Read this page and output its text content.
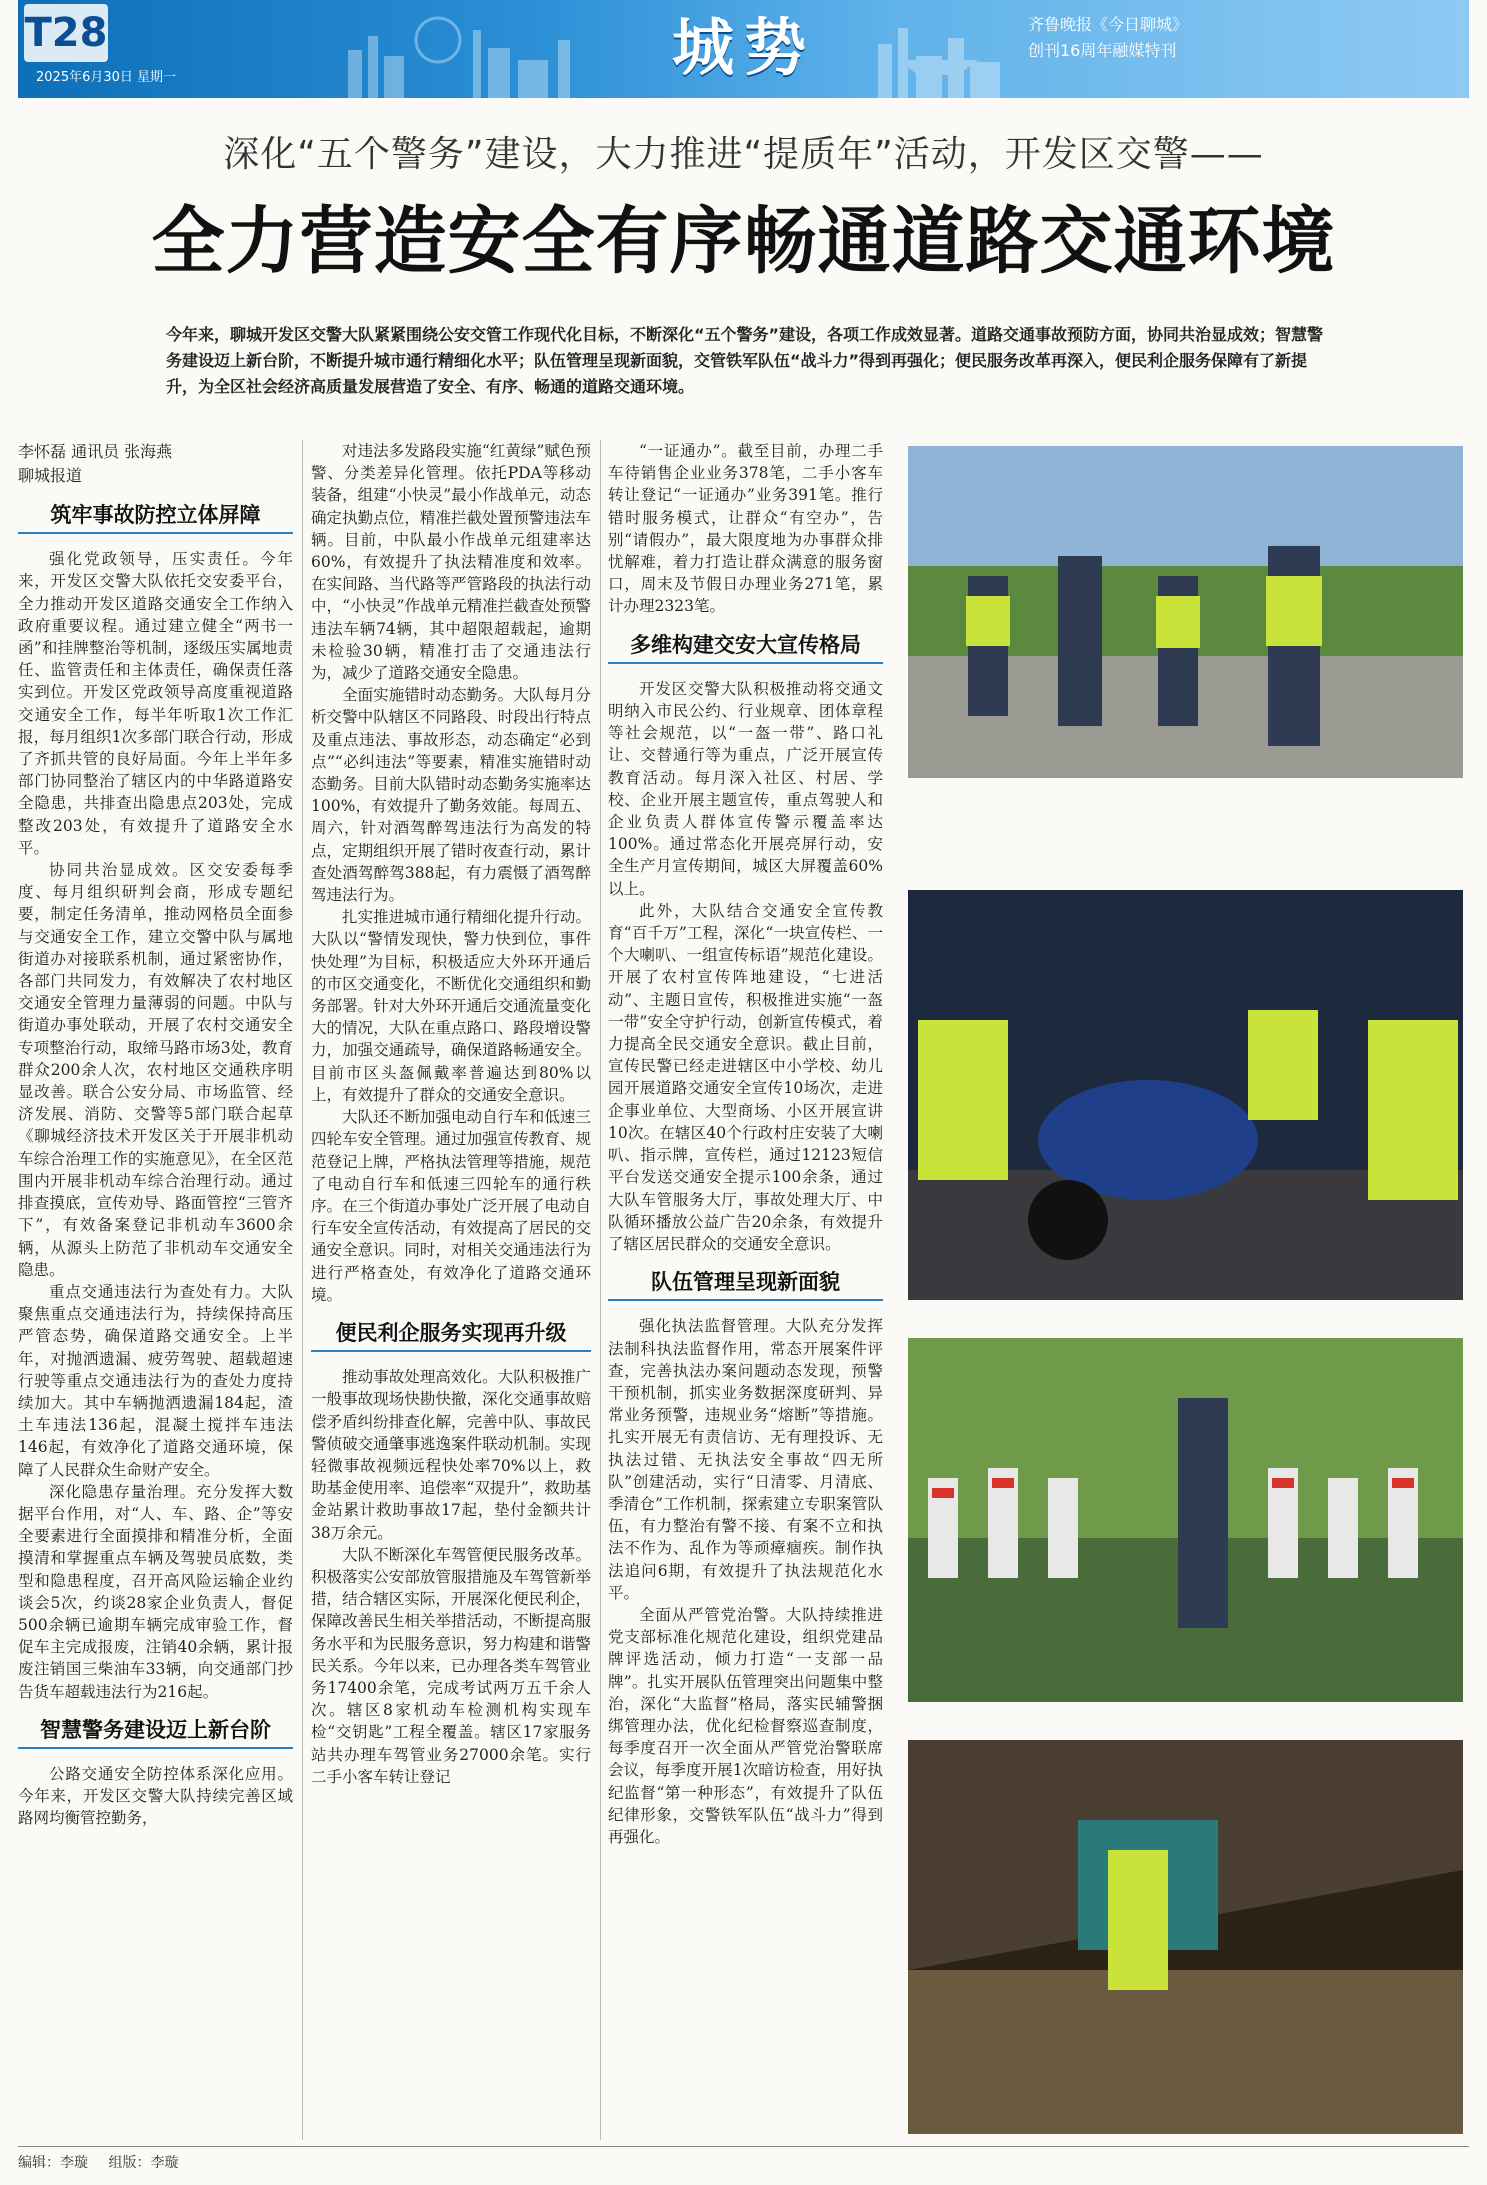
T28
2025年6月30日 星期一	城势	齐鲁晚报《今日聊城》
创刊16周年融媒特刊
深化“五个警务”建设，大力推进“提质年”活动，开发区交警——
全力营造安全有序畅通道路交通环境
今年来，聊城开发区交警大队紧紧围绕公安交管工作现代化目标，不断深化“五个警务”建设，各项工作成效显著。道路交通事故预防方面，协同共治显成效；智慧警务建设迈上新台阶，不断提升城市通行精细化水平；队伍管理呈现新面貌，交管铁军队伍“战斗力”得到再强化；便民服务改革再深入，便民利企服务保障有了新提升，为全区社会经济高质量发展营造了安全、有序、畅通的道路交通环境。

李怀磊 通讯员 张海燕

聊城报道

筑牢事故防控立体屏障

强化党政领导，压实责任。今年来，开发区交警大队依托交安委平台，全力推动开发区道路交通安全工作纳入政府重要议程。通过建立健全“两书一函”和挂牌整治等机制，逐级压实属地责任、监管责任和主体责任，确保责任落实到位。开发区党政领导高度重视道路交通安全工作，每半年听取1次工作汇报，每月组织1次多部门联合行动，形成了齐抓共管的良好局面。今年上半年多部门协同整治了辖区内的中华路道路安全隐患，共排查出隐患点203处，完成整改203处，有效提升了道路安全水平。

协同共治显成效。区交安委每季度、每月组织研判会商，形成专题纪要，制定任务清单，推动网格员全面参与交通安全工作，建立交警中队与属地街道办对接联系机制，通过紧密协作，各部门共同发力，有效解决了农村地区交通安全管理力量薄弱的问题。中队与街道办事处联动，开展了农村交通安全专项整治行动，取缔马路市场3处，教育群众200余人次，农村地区交通秩序明显改善。联合公安分局、市场监管、经济发展、消防、交警等5部门联合起草《聊城经济技术开发区关于开展非机动车综合治理工作的实施意见》，在全区范围内开展非机动车综合治理行动。通过排查摸底，宣传劝导、路面管控“三管齐下”，有效备案登记非机动车3600余辆，从源头上防范了非机动车交通安全隐患。

重点交通违法行为查处有力。大队聚焦重点交通违法行为，持续保持高压严管态势，确保道路交通安全。上半年，对抛洒遗漏、疲劳驾驶、超载超速行驶等重点交通违法行为的查处力度持续加大。其中车辆抛洒遗漏184起，渣土车违法136起，混凝土搅拌车违法146起，有效净化了道路交通环境，保障了人民群众生命财产安全。

深化隐患存量治理。充分发挥大数据平台作用，对“人、车、路、企”等安全要素进行全面摸排和精准分析，全面摸清和掌握重点车辆及驾驶员底数，类型和隐患程度，召开高风险运输企业约谈会5次，约谈28家企业负责人，督促500余辆已逾期车辆完成审验工作，督促车主完成报废，注销40余辆，累计报废注销国三柴油车33辆，向交通部门抄告货车超载违法行为216起。

智慧警务建设迈上新台阶

公路交通安全防控体系深化应用。今年来，开发区交警大队持续完善区域路网均衡管控勤务，

对违法多发路段实施“红黄绿”赋色预警、分类差异化管理。依托PDA等移动装备，组建“小快灵”最小作战单元，动态确定执勤点位，精准拦截处置预警违法车辆。目前，中队最小作战单元组建率达60%，有效提升了执法精准度和效率。在实间路、当代路等严管路段的执法行动中，“小快灵”作战单元精准拦截查处预警违法车辆74辆，其中超限超载起，逾期未检验30辆，精准打击了交通违法行为，减少了道路交通安全隐患。

全面实施错时动态勤务。大队每月分析交警中队辖区不同路段、时段出行特点及重点违法、事故形态，动态确定“必到点”“必纠违法”等要素，精准实施错时动态勤务。目前大队错时动态勤务实施率达100%，有效提升了勤务效能。每周五、周六，针对酒驾醉驾违法行为高发的特点，定期组织开展了错时夜查行动，累计查处酒驾醉驾388起，有力震慑了酒驾醉驾违法行为。

扎实推进城市通行精细化提升行动。大队以“警情发现快，警力快到位，事件快处理”为目标，积极适应大外环开通后的市区交通变化，不断优化交通组织和勤务部署。针对大外环开通后交通流量变化大的情况，大队在重点路口、路段增设警力，加强交通疏导，确保道路畅通安全。目前市区头盔佩戴率普遍达到80%以上，有效提升了群众的交通安全意识。

大队还不断加强电动自行车和低速三四轮车安全管理。通过加强宣传教育、规范登记上牌，严格执法管理等措施，规范了电动自行车和低速三四轮车的通行秩序。在三个街道办事处广泛开展了电动自行车安全宣传活动，有效提高了居民的交通安全意识。同时，对相关交通违法行为进行严格查处，有效净化了道路交通环境。

便民利企服务实现再升级

推动事故处理高效化。大队积极推广一般事故现场快勘快撤，深化交通事故赔偿矛盾纠纷排查化解，完善中队、事故民警侦破交通肇事逃逸案件联动机制。实现轻微事故视频远程快处率70%以上，救助基金使用率、追偿率“双提升”，救助基金站累计救助事故17起，垫付金额共计38万余元。

大队不断深化车驾管便民服务改革。积极落实公安部放管服措施及车驾管新举措，结合辖区实际，开展深化便民利企，保障改善民生相关举措活动，不断提高服务水平和为民服务意识，努力构建和谐警民关系。今年以来，已办理各类车驾管业务17400余笔，完成考试两万五千余人次。辖区8家机动车检测机构实现车检“交钥匙”工程全覆盖。辖区17家服务站共办理车驾管业务27000余笔。实行二手小客车转让登记

“一证通办”。截至目前，办理二手车待销售企业业务378笔，二手小客车转让登记“一证通办”业务391笔。推行错时服务模式，让群众“有空办”，告别“请假办”，最大限度地为办事群众排忧解难，着力打造让群众满意的服务窗口，周末及节假日办理业务271笔，累计办理2323笔。

多维构建交安大宣传格局

开发区交警大队积极推动将交通文明纳入市民公约、行业规章、团体章程等社会规范，以“一盔一带”、路口礼让、交替通行等为重点，广泛开展宣传教育活动。每月深入社区、村居、学校、企业开展主题宣传，重点驾驶人和企业负责人群体宣传警示覆盖率达100%。通过常态化开展亮屏行动，安全生产月宣传期间，城区大屏覆盖60%以上。

此外，大队结合交通安全宣传教育“百千万”工程，深化“一块宣传栏、一个大喇叭、一组宣传标语”规范化建设。开展了农村宣传阵地建设，“七进活动”、主题日宣传，积极推进实施“一盔一带”安全守护行动，创新宣传模式，着力提高全民交通安全意识。截止目前，宣传民警已经走进辖区中小学校、幼儿园开展道路交通安全宣传10场次，走进企事业单位、大型商场、小区开展宣讲10次。在辖区40个行政村庄安装了大喇叭、指示牌，宣传栏，通过12123短信平台发送交通安全提示100余条，通过大队车管服务大厅，事故处理大厅、中队循环播放公益广告20余条，有效提升了辖区居民群众的交通安全意识。

队伍管理呈现新面貌

强化执法监督管理。大队充分发挥法制科执法监督作用，常态开展案件评查，完善执法办案问题动态发现，预警干预机制，抓实业务数据深度研判、异常业务预警，违规业务“熔断”等措施。扎实开展无有责信访、无有理投诉、无执法过错、无执法安全事故“四无所队”创建活动，实行“日清零、月清底、季清仓”工作机制，探索建立专职案管队伍，有力整治有警不接、有案不立和执法不作为、乱作为等顽瘴痼疾。制作执法追问6期，有效提升了执法规范化水平。

全面从严管党治警。大队持续推进党支部标准化规范化建设，组织党建品牌评选活动，倾力打造“一支部一品牌”。扎实开展队伍管理突出问题集中整治，深化“大监督”格局，落实民辅警捆绑管理办法，优化纪检督察巡查制度，每季度召开一次全面从严管党治警联席会议，每季度开展1次暗访检查，用好执纪监督“第一种形态”，有效提升了队伍纪律形象，交警铁军队伍“战斗力”得到再强化。

编辑：李璇 组版：李璇
